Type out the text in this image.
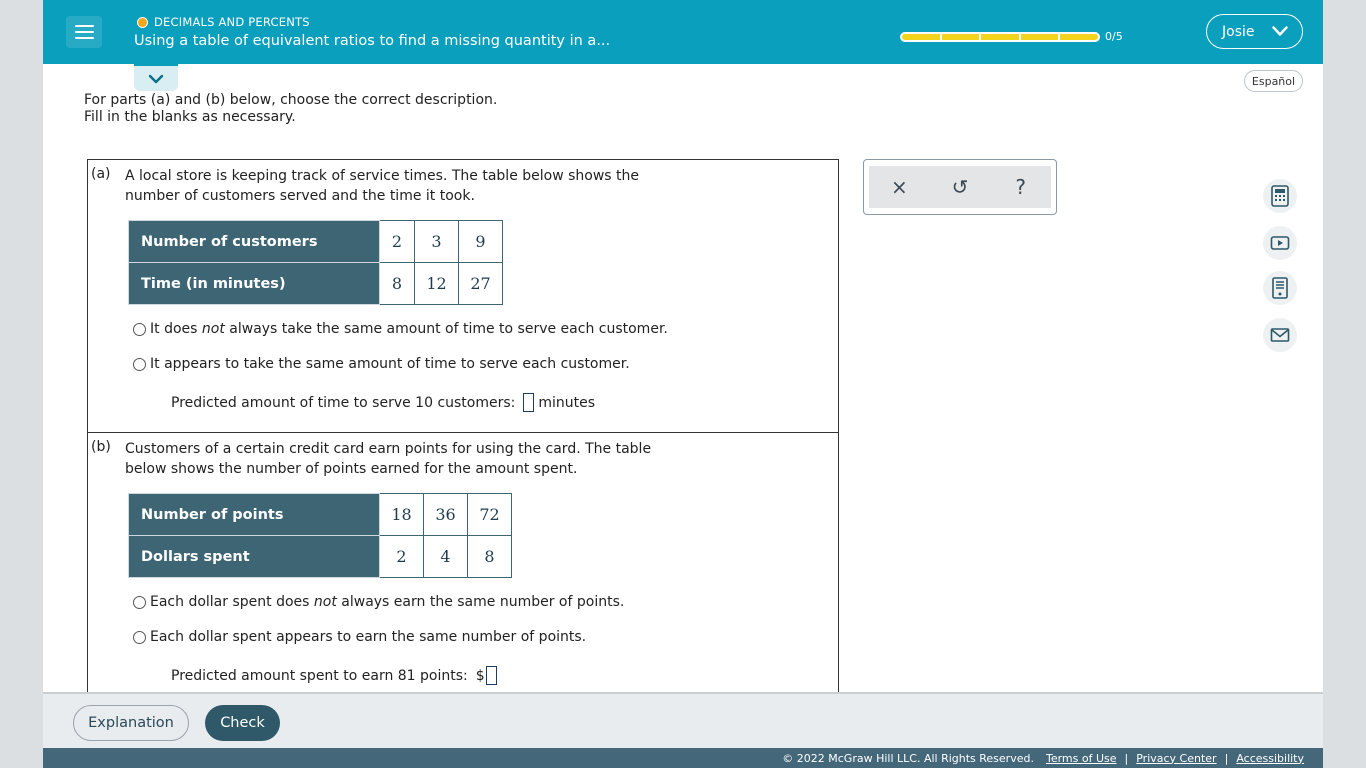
DECIMALS AND PERCENTS
Using a table of equivalent ratios to find a missing quantity in a...	0/5	Josie
Español
For parts (a) and (b) below, choose the correct description.
Fill in the blanks as necessary.
(a) A local store is keeping track of service times. The table below shows the number of customers served and the time it took.
Number of customers	2	3	9
Time (in minutes)	8	12	27
It does not always take the same amount of time to serve each customer.
It appears to take the same amount of time to serve each customer.
Predicted amount of time to serve 10 customers: minutes
(b) Customers of a certain credit card earn points for using the card. The table below shows the number of points earned for the amount spent.
Number of points	18	36	72
Dollars spent	2	4	8
Each dollar spent does not always earn the same number of points.
Each dollar spent appears to earn the same number of points.
Predicted amount spent to earn 81 points: $
×	↺	?
Explanation	Check
© 2022 McGraw Hill LLC. All Rights Reserved. Terms of Use | Privacy Center | Accessibility
